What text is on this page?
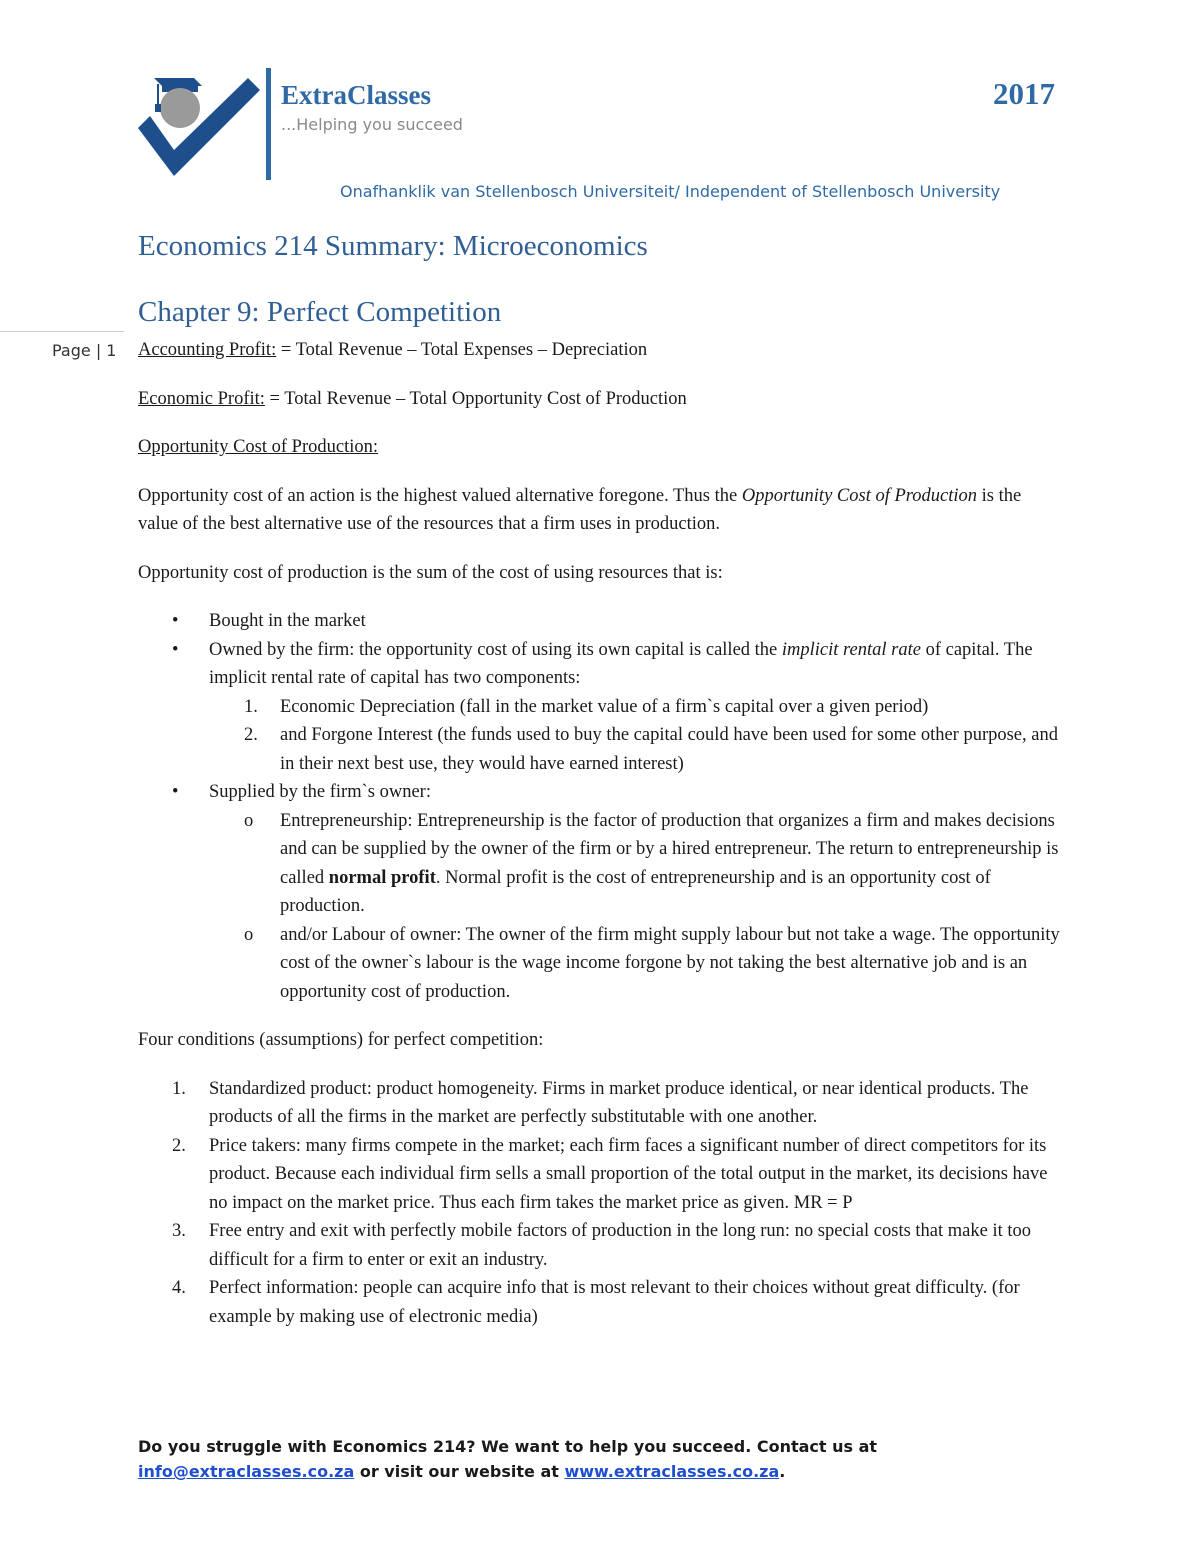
ExtraClasses
...Helping you succeed
2017
Onafhanklik van Stellenbosch Universiteit/ Independent of Stellenbosch University
Economics 214 Summary: Microeconomics
Chapter 9: Perfect Competition
Page | 1 Accounting Profit: = Total Revenue – Total Expenses – Depreciation

Economic Profit: = Total Revenue – Total Opportunity Cost of Production

Opportunity Cost of Production:

Opportunity cost of an action is the highest valued alternative foregone. Thus the Opportunity Cost of Production is the value of the best alternative use of the resources that a firm uses in production.

Opportunity cost of production is the sum of the cost of using resources that is:

• Bought in the market
• Owned by the firm: the opportunity cost of using its own capital is called the implicit rental rate of capital. The implicit rental rate of capital has two components:
1. Economic Depreciation (fall in the market value of a firm`s capital over a given period)
2. and Forgone Interest (the funds used to buy the capital could have been used for some other purpose, and in their next best use, they would have earned interest)
• Supplied by the firm`s owner:
o Entrepreneurship: Entrepreneurship is the factor of production that organizes a firm and makes decisions and can be supplied by the owner of the firm or by a hired entrepreneur. The return to entrepreneurship is called normal profit. Normal profit is the cost of entrepreneurship and is an opportunity cost of production.
o and/or Labour of owner: The owner of the firm might supply labour but not take a wage. The opportunity cost of the owner`s labour is the wage income forgone by not taking the best alternative job and is an opportunity cost of production.

Four conditions (assumptions) for perfect competition:

1. Standardized product: product homogeneity. Firms in market produce identical, or near identical products. The products of all the firms in the market are perfectly substitutable with one another.
2. Price takers: many firms compete in the market; each firm faces a significant number of direct competitors for its product. Because each individual firm sells a small proportion of the total output in the market, its decisions have no impact on the market price. Thus each firm takes the market price as given. MR = P
3. Free entry and exit with perfectly mobile factors of production in the long run: no special costs that make it too difficult for a firm to enter or exit an industry.
4. Perfect information: people can acquire info that is most relevant to their choices without great difficulty. (for example by making use of electronic media)
Do you struggle with Economics 214? We want to help you succeed. Contact us at info@extraclasses.co.za or visit our website at www.extraclasses.co.za.
